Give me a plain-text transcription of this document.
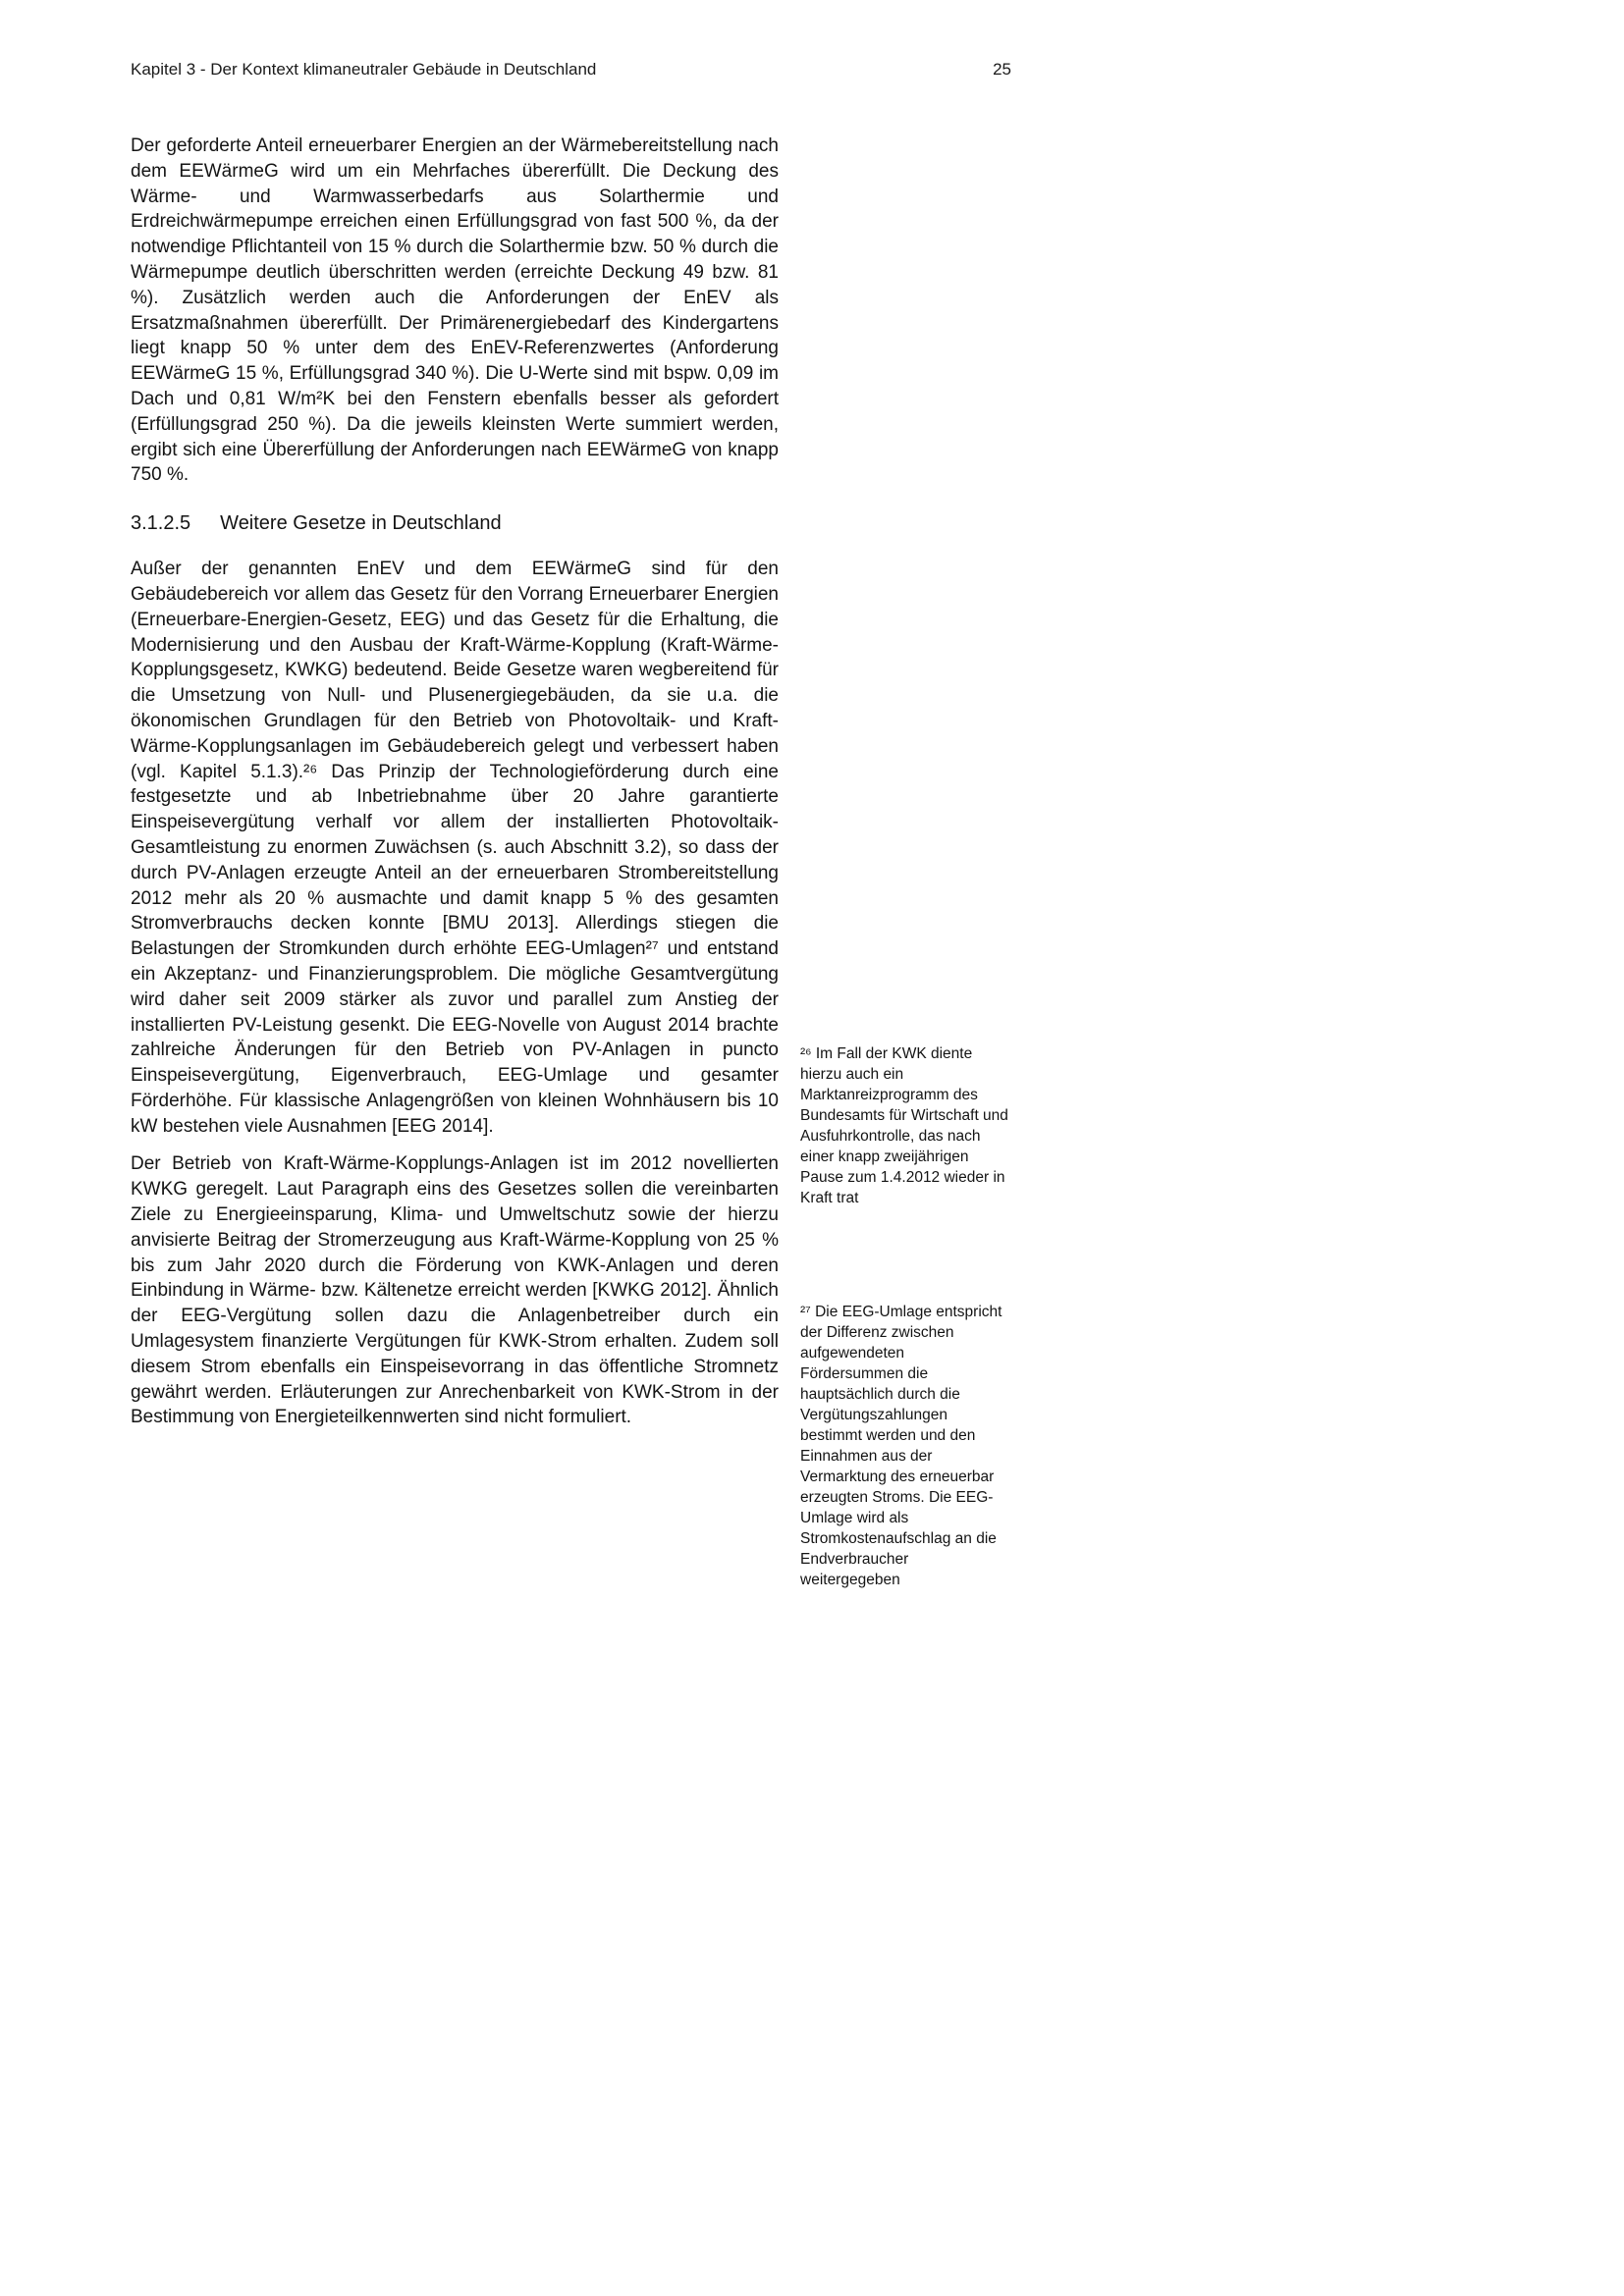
Kapitel 3 - Der Kontext klimaneutraler Gebäude in Deutschland	25

Der geforderte Anteil erneuerbarer Energien an der Wärmebereitstellung nach dem EEWärmeG wird um ein Mehrfaches übererfüllt. Die Deckung des Wärme- und Warmwasserbedarfs aus Solarthermie und Erdreichwärmepumpe erreichen einen Erfüllungsgrad von fast 500 %, da der notwendige Pflichtanteil von 15 % durch die Solarthermie bzw. 50 % durch die Wärmepumpe deutlich überschritten werden (erreichte Deckung 49 bzw. 81 %). Zusätzlich werden auch die Anforderungen der EnEV als Ersatzmaßnahmen übererfüllt. Der Primärenergiebedarf des Kindergartens liegt knapp 50 % unter dem des EnEV-Referenzwertes (Anforderung EEWärmeG 15 %, Erfüllungsgrad 340 %). Die U-Werte sind mit bspw. 0,09 im Dach und 0,81 W/m²K bei den Fenstern ebenfalls besser als gefordert (Erfüllungsgrad 250 %). Da die jeweils kleinsten Werte summiert werden, ergibt sich eine Übererfüllung der Anforderungen nach EEWärmeG von knapp 750 %.

3.1.2.5 Weitere Gesetze in Deutschland

Außer der genannten EnEV und dem EEWärmeG sind für den Gebäudebereich vor allem das Gesetz für den Vorrang Erneuerbarer Energien (Erneuerbare-Energien-Gesetz, EEG) und das Gesetz für die Erhaltung, die Modernisierung und den Ausbau der Kraft-Wärme-Kopplung (Kraft-Wärme-Kopplungsgesetz, KWKG) bedeutend. Beide Gesetze waren wegbereitend für die Umsetzung von Null- und Plusenergiegebäuden, da sie u.a. die ökonomischen Grundlagen für den Betrieb von Photovoltaik- und Kraft-Wärme-Kopplungsanlagen im Gebäudebereich gelegt und verbessert haben (vgl. Kapitel 5.1.3).²⁶ Das Prinzip der Technologieförderung durch eine festgesetzte und ab Inbetriebnahme über 20 Jahre garantierte Einspeisevergütung verhalf vor allem der installierten Photovoltaik-Gesamtleistung zu enormen Zuwächsen (s. auch Abschnitt 3.2), so dass der durch PV-Anlagen erzeugte Anteil an der erneuerbaren Strombereitstellung 2012 mehr als 20 % ausmachte und damit knapp 5 % des gesamten Stromverbrauchs decken konnte [BMU 2013]. Allerdings stiegen die Belastungen der Stromkunden durch erhöhte EEG-Umlagen²⁷ und entstand ein Akzeptanz- und Finanzierungsproblem. Die mögliche Gesamtvergütung wird daher seit 2009 stärker als zuvor und parallel zum Anstieg der installierten PV-Leistung gesenkt. Die EEG-Novelle von August 2014 brachte zahlreiche Änderungen für den Betrieb von PV-Anlagen in puncto Einspeisevergütung, Eigenverbrauch, EEG-Umlage und gesamter Förderhöhe. Für klassische Anlagengrößen von kleinen Wohnhäusern bis 10 kW bestehen viele Ausnahmen [EEG 2014].

Der Betrieb von Kraft-Wärme-Kopplungs-Anlagen ist im 2012 novellierten KWKG geregelt. Laut Paragraph eins des Gesetzes sollen die vereinbarten Ziele zu Energieeinsparung, Klima- und Umweltschutz sowie der hierzu anvisierte Beitrag der Stromerzeugung aus Kraft-Wärme-Kopplung von 25 % bis zum Jahr 2020 durch die Förderung von KWK-Anlagen und deren Einbindung in Wärme- bzw. Kältenetze erreicht werden [KWKG 2012]. Ähnlich der EEG-Vergütung sollen dazu die Anlagenbetreiber durch ein Umlagesystem finanzierte Vergütungen für KWK-Strom erhalten. Zudem soll diesem Strom ebenfalls ein Einspeisevorrang in das öffentliche Stromnetz gewährt werden. Erläuterungen zur Anrechenbarkeit von KWK-Strom in der Bestimmung von Energieteilkennwerten sind nicht formuliert.

²⁶ Im Fall der KWK diente hierzu auch ein Marktanreizprogramm des Bundesamts für Wirtschaft und Ausfuhrkontrolle, das nach einer knapp zweijährigen Pause zum 1.4.2012 wieder in Kraft trat
²⁷ Die EEG-Umlage entspricht der Differenz zwischen aufgewendeten Fördersummen die hauptsächlich durch die Vergütungszahlungen bestimmt werden und den Einnahmen aus der Vermarktung des erneuerbar erzeugten Stroms. Die EEG-Umlage wird als Stromkostenaufschlag an die Endverbraucher weitergegeben
